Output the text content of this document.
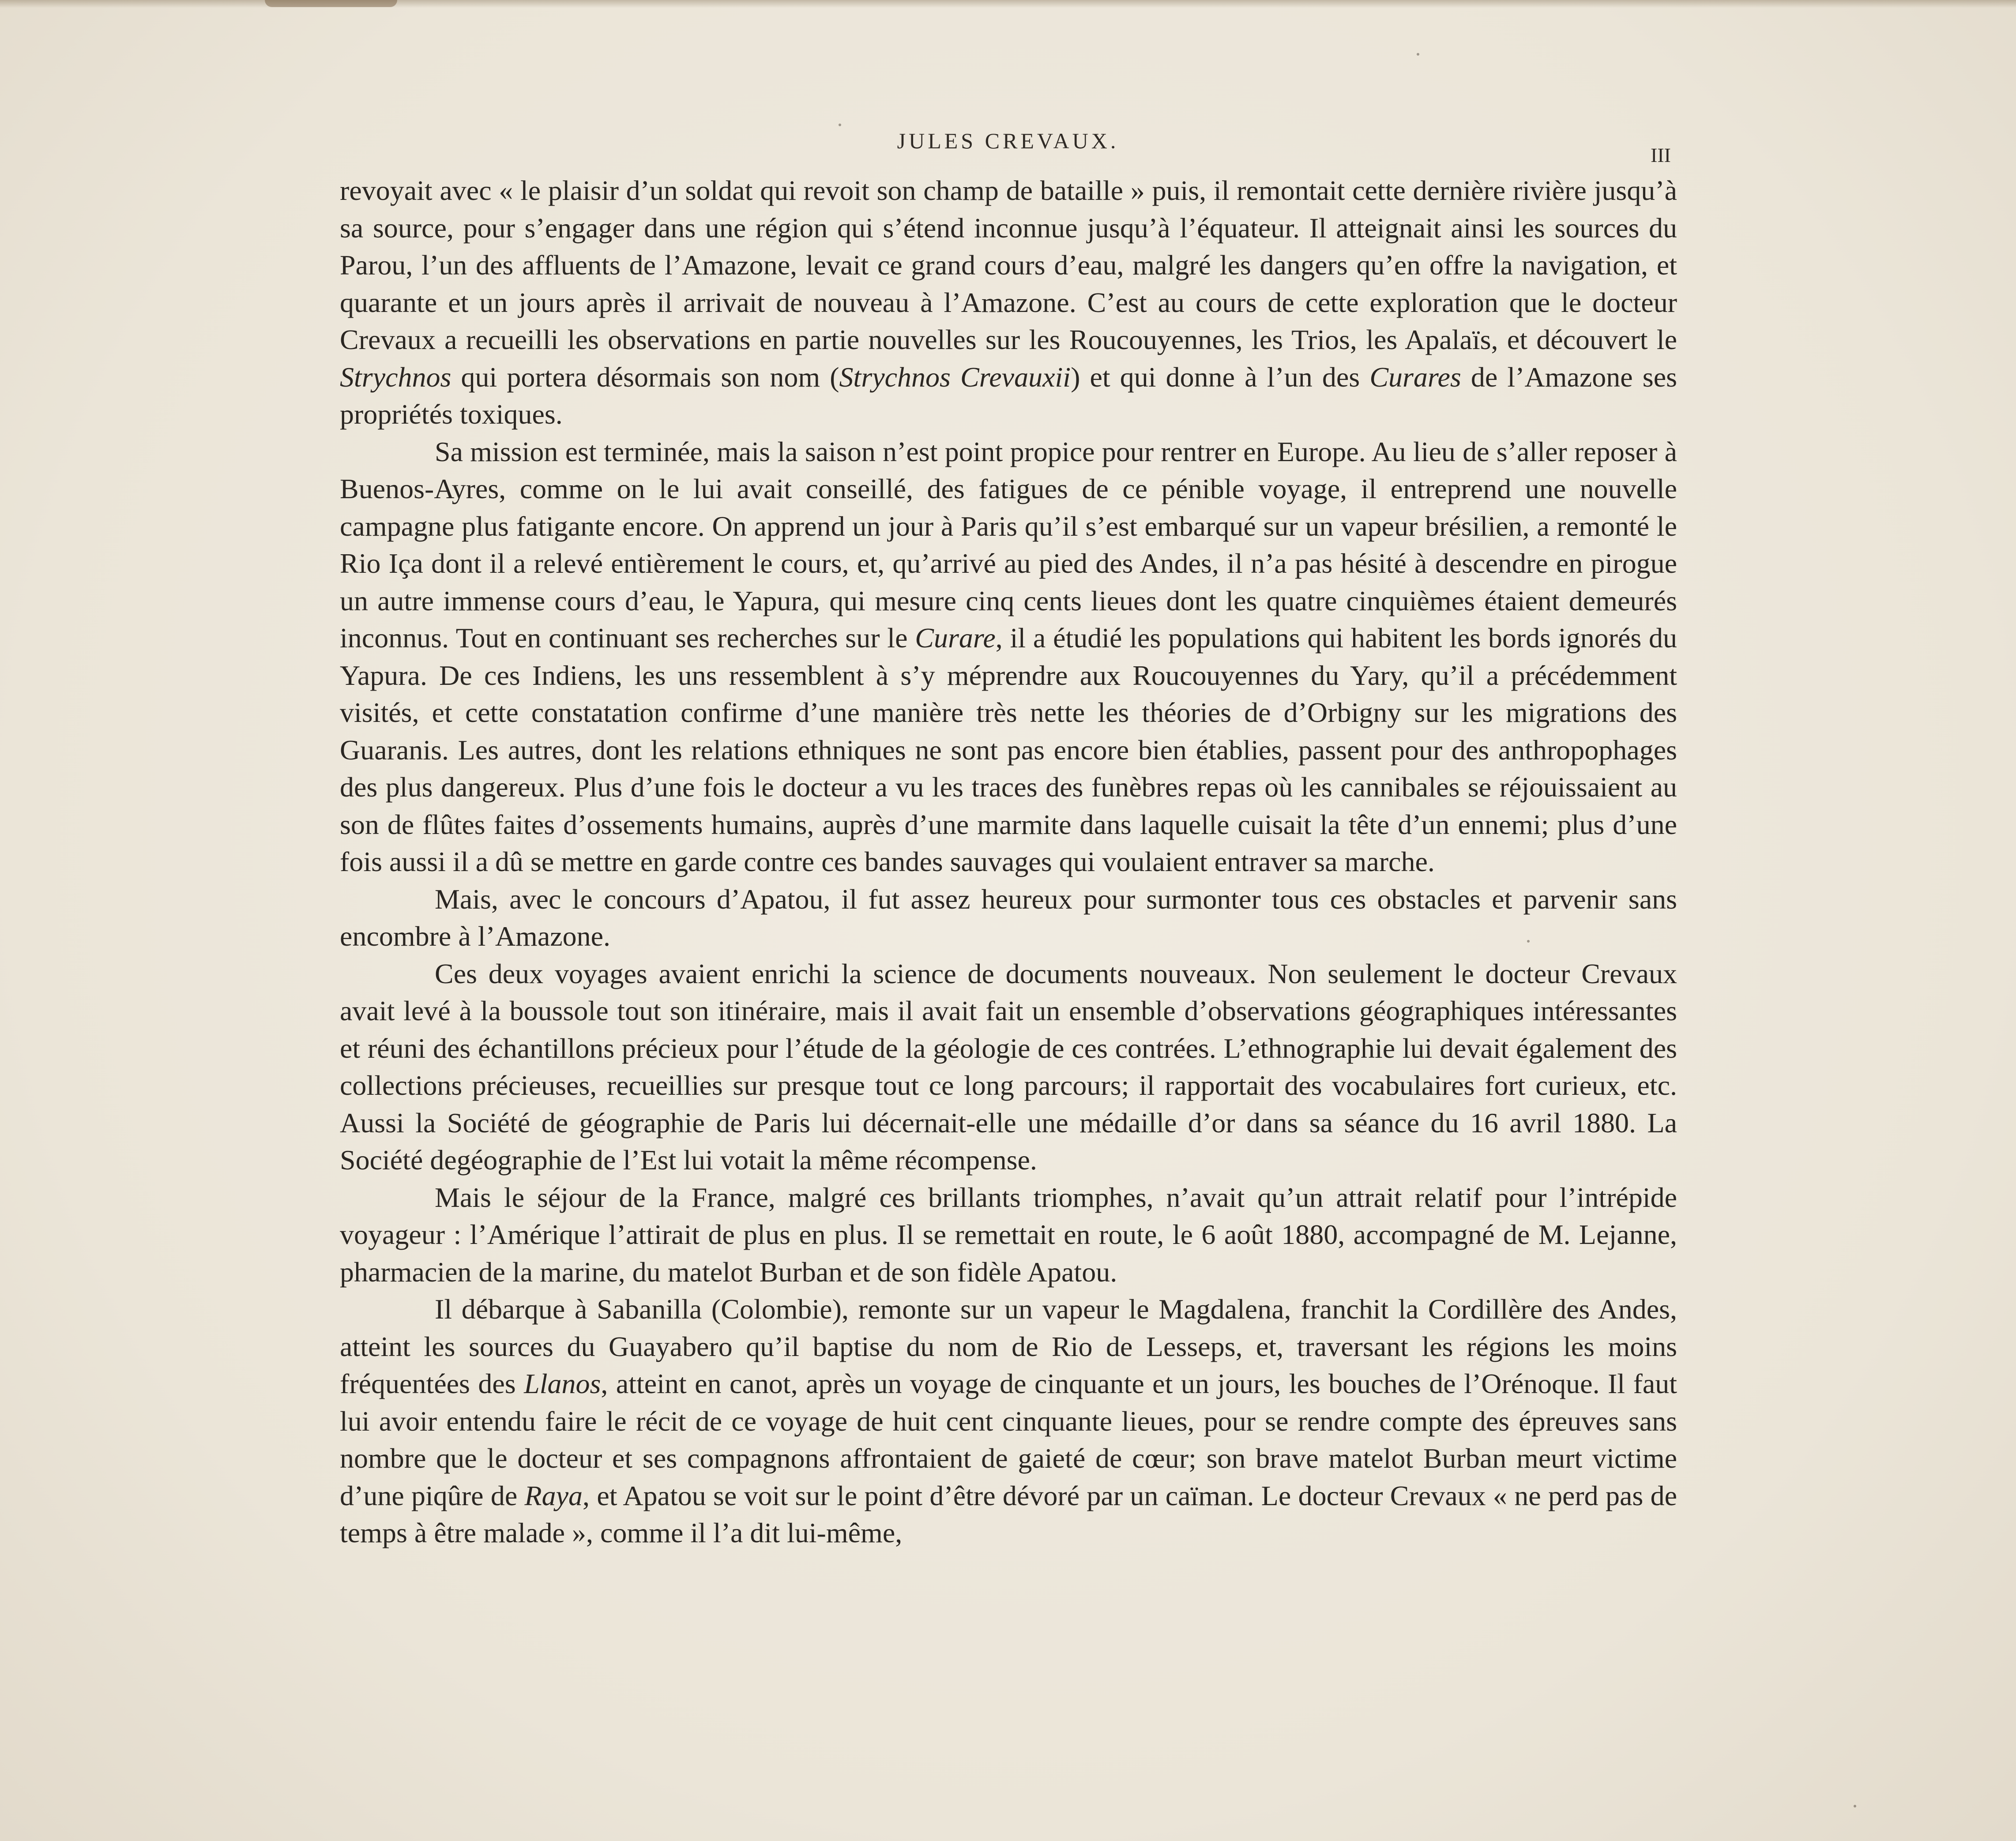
JULES CREVAUX.
III

revoyait avec « le plaisir d’un soldat qui revoit son champ de bataille » puis, il remontait cette dernière rivière jusqu’à sa source, pour s’engager dans une région qui s’étend inconnue jusqu’à l’équateur. Il atteignait ainsi les sources du Parou, l’un des affluents de l’Amazone, levait ce grand cours d’eau, malgré les dangers qu’en offre la navigation, et quarante et un jours après il arrivait de nouveau à l’Amazone. C’est au cours de cette exploration que le docteur Crevaux a recueilli les observations en partie nouvelles sur les Roucouyennes, les Trios, les Apalaïs, et découvert le Strychnos qui portera désormais son nom (Strychnos Crevauxii) et qui donne à l’un des Curares de l’Amazone ses propriétés toxiques.

Sa mission est terminée, mais la saison n’est point propice pour rentrer en Europe. Au lieu de s’aller reposer à Buenos-Ayres, comme on le lui avait conseillé, des fatigues de ce pénible voyage, il entreprend une nouvelle campagne plus fatigante encore. On apprend un jour à Paris qu’il s’est embarqué sur un vapeur brésilien, a remonté le Rio Iça dont il a relevé entièrement le cours, et, qu’arrivé au pied des Andes, il n’a pas hésité à descendre en pirogue un autre immense cours d’eau, le Yapura, qui mesure cinq cents lieues dont les quatre cinquièmes étaient demeurés inconnus. Tout en continuant ses recherches sur le Curare, il a étudié les populations qui habitent les bords ignorés du Yapura. De ces Indiens, les uns ressemblent à s’y méprendre aux Roucouyennes du Yary, qu’il a précédemment visités, et cette constatation confirme d’une manière très nette les théories de d’Orbigny sur les migrations des Guaranis. Les autres, dont les relations ethniques ne sont pas encore bien établies, passent pour des anthropophages des plus dangereux. Plus d’une fois le docteur a vu les traces des funèbres repas où les cannibales se réjouissaient au son de flûtes faites d’ossements humains, auprès d’une marmite dans laquelle cuisait la tête d’un ennemi; plus d’une fois aussi il a dû se mettre en garde contre ces bandes sauvages qui voulaient entraver sa marche.

Mais, avec le concours d’Apatou, il fut assez heureux pour surmonter tous ces obstacles et parvenir sans encombre à l’Amazone.

Ces deux voyages avaient enrichi la science de documents nouveaux. Non seulement le docteur Crevaux avait levé à la boussole tout son itinéraire, mais il avait fait un ensemble d’observations géographiques intéressantes et réuni des échantillons précieux pour l’étude de la géologie de ces contrées. L’ethnographie lui devait également des collections précieuses, recueillies sur presque tout ce long parcours; il rapportait des vocabulaires fort curieux, etc. Aussi la Société de géographie de Paris lui décernait-elle une médaille d’or dans sa séance du 16 avril 1880. La Société degéographie de l’Est lui votait la même récompense.

Mais le séjour de la France, malgré ces brillants triomphes, n’avait qu’un attrait relatif pour l’intrépide voyageur : l’Amérique l’attirait de plus en plus. Il se remettait en route, le 6 août 1880, accompagné de M. Lejanne, pharmacien de la marine, du matelot Burban et de son fidèle Apatou.

Il débarque à Sabanilla (Colombie), remonte sur un vapeur le Magdalena, franchit la Cordillère des Andes, atteint les sources du Guayabero qu’il baptise du nom de Rio de Lesseps, et, traversant les régions les moins fréquentées des Llanos, atteint en canot, après un voyage de cinquante et un jours, les bouches de l’Orénoque. Il faut lui avoir entendu faire le récit de ce voyage de huit cent cinquante lieues, pour se rendre compte des épreuves sans nombre que le docteur et ses compagnons affrontaient de gaieté de cœur; son brave matelot Burban meurt victime d’une piqûre de Raya, et Apatou se voit sur le point d’être dévoré par un caïman. Le docteur Crevaux « ne perd pas de temps à être malade », comme il l’a dit lui-même,
